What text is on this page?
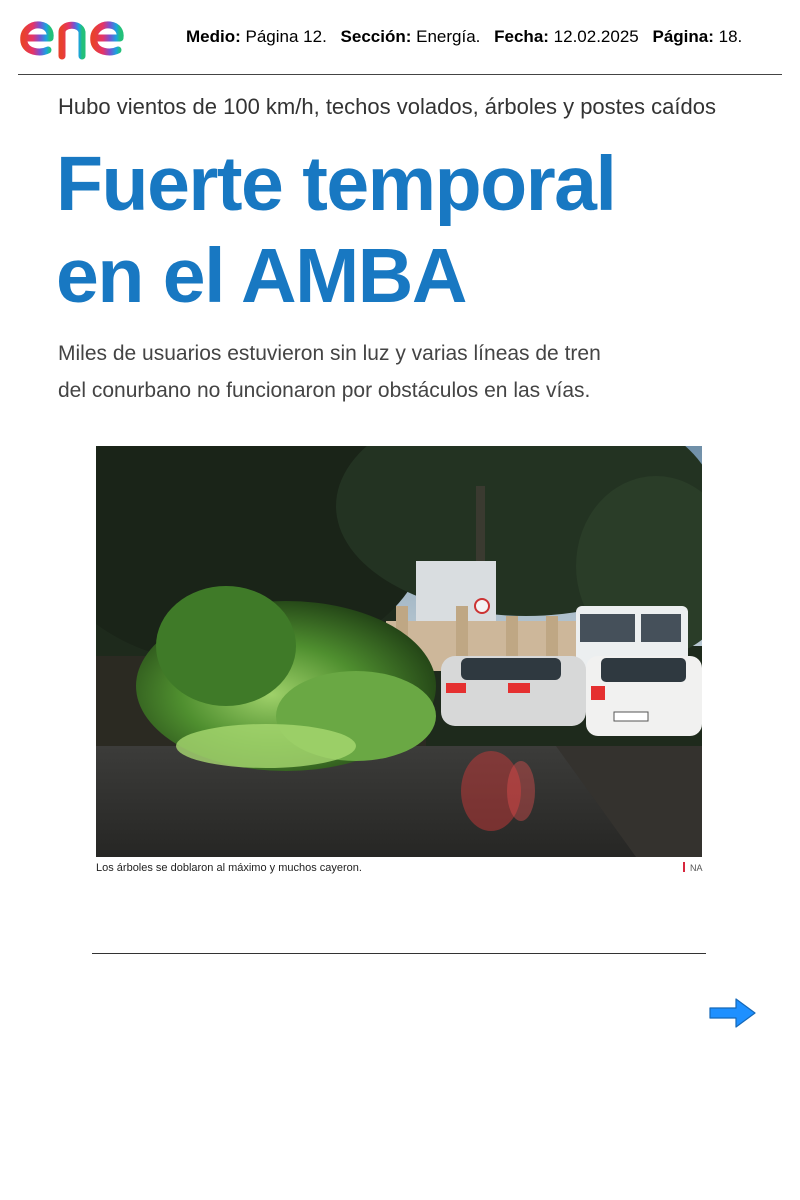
Medio: Página 12. Sección: Energía. Fecha: 12.02.2025 Página: 18.
Hubo vientos de 100 km/h, techos volados, árboles y postes caídos
Fuerte temporal
en el AMBA

Miles de usuarios estuvieron sin luz y varias líneas de tren
del conurbano no funcionaron por obstáculos en las vías.

Los árboles se doblaron al máximo y muchos cayeron.	NA
